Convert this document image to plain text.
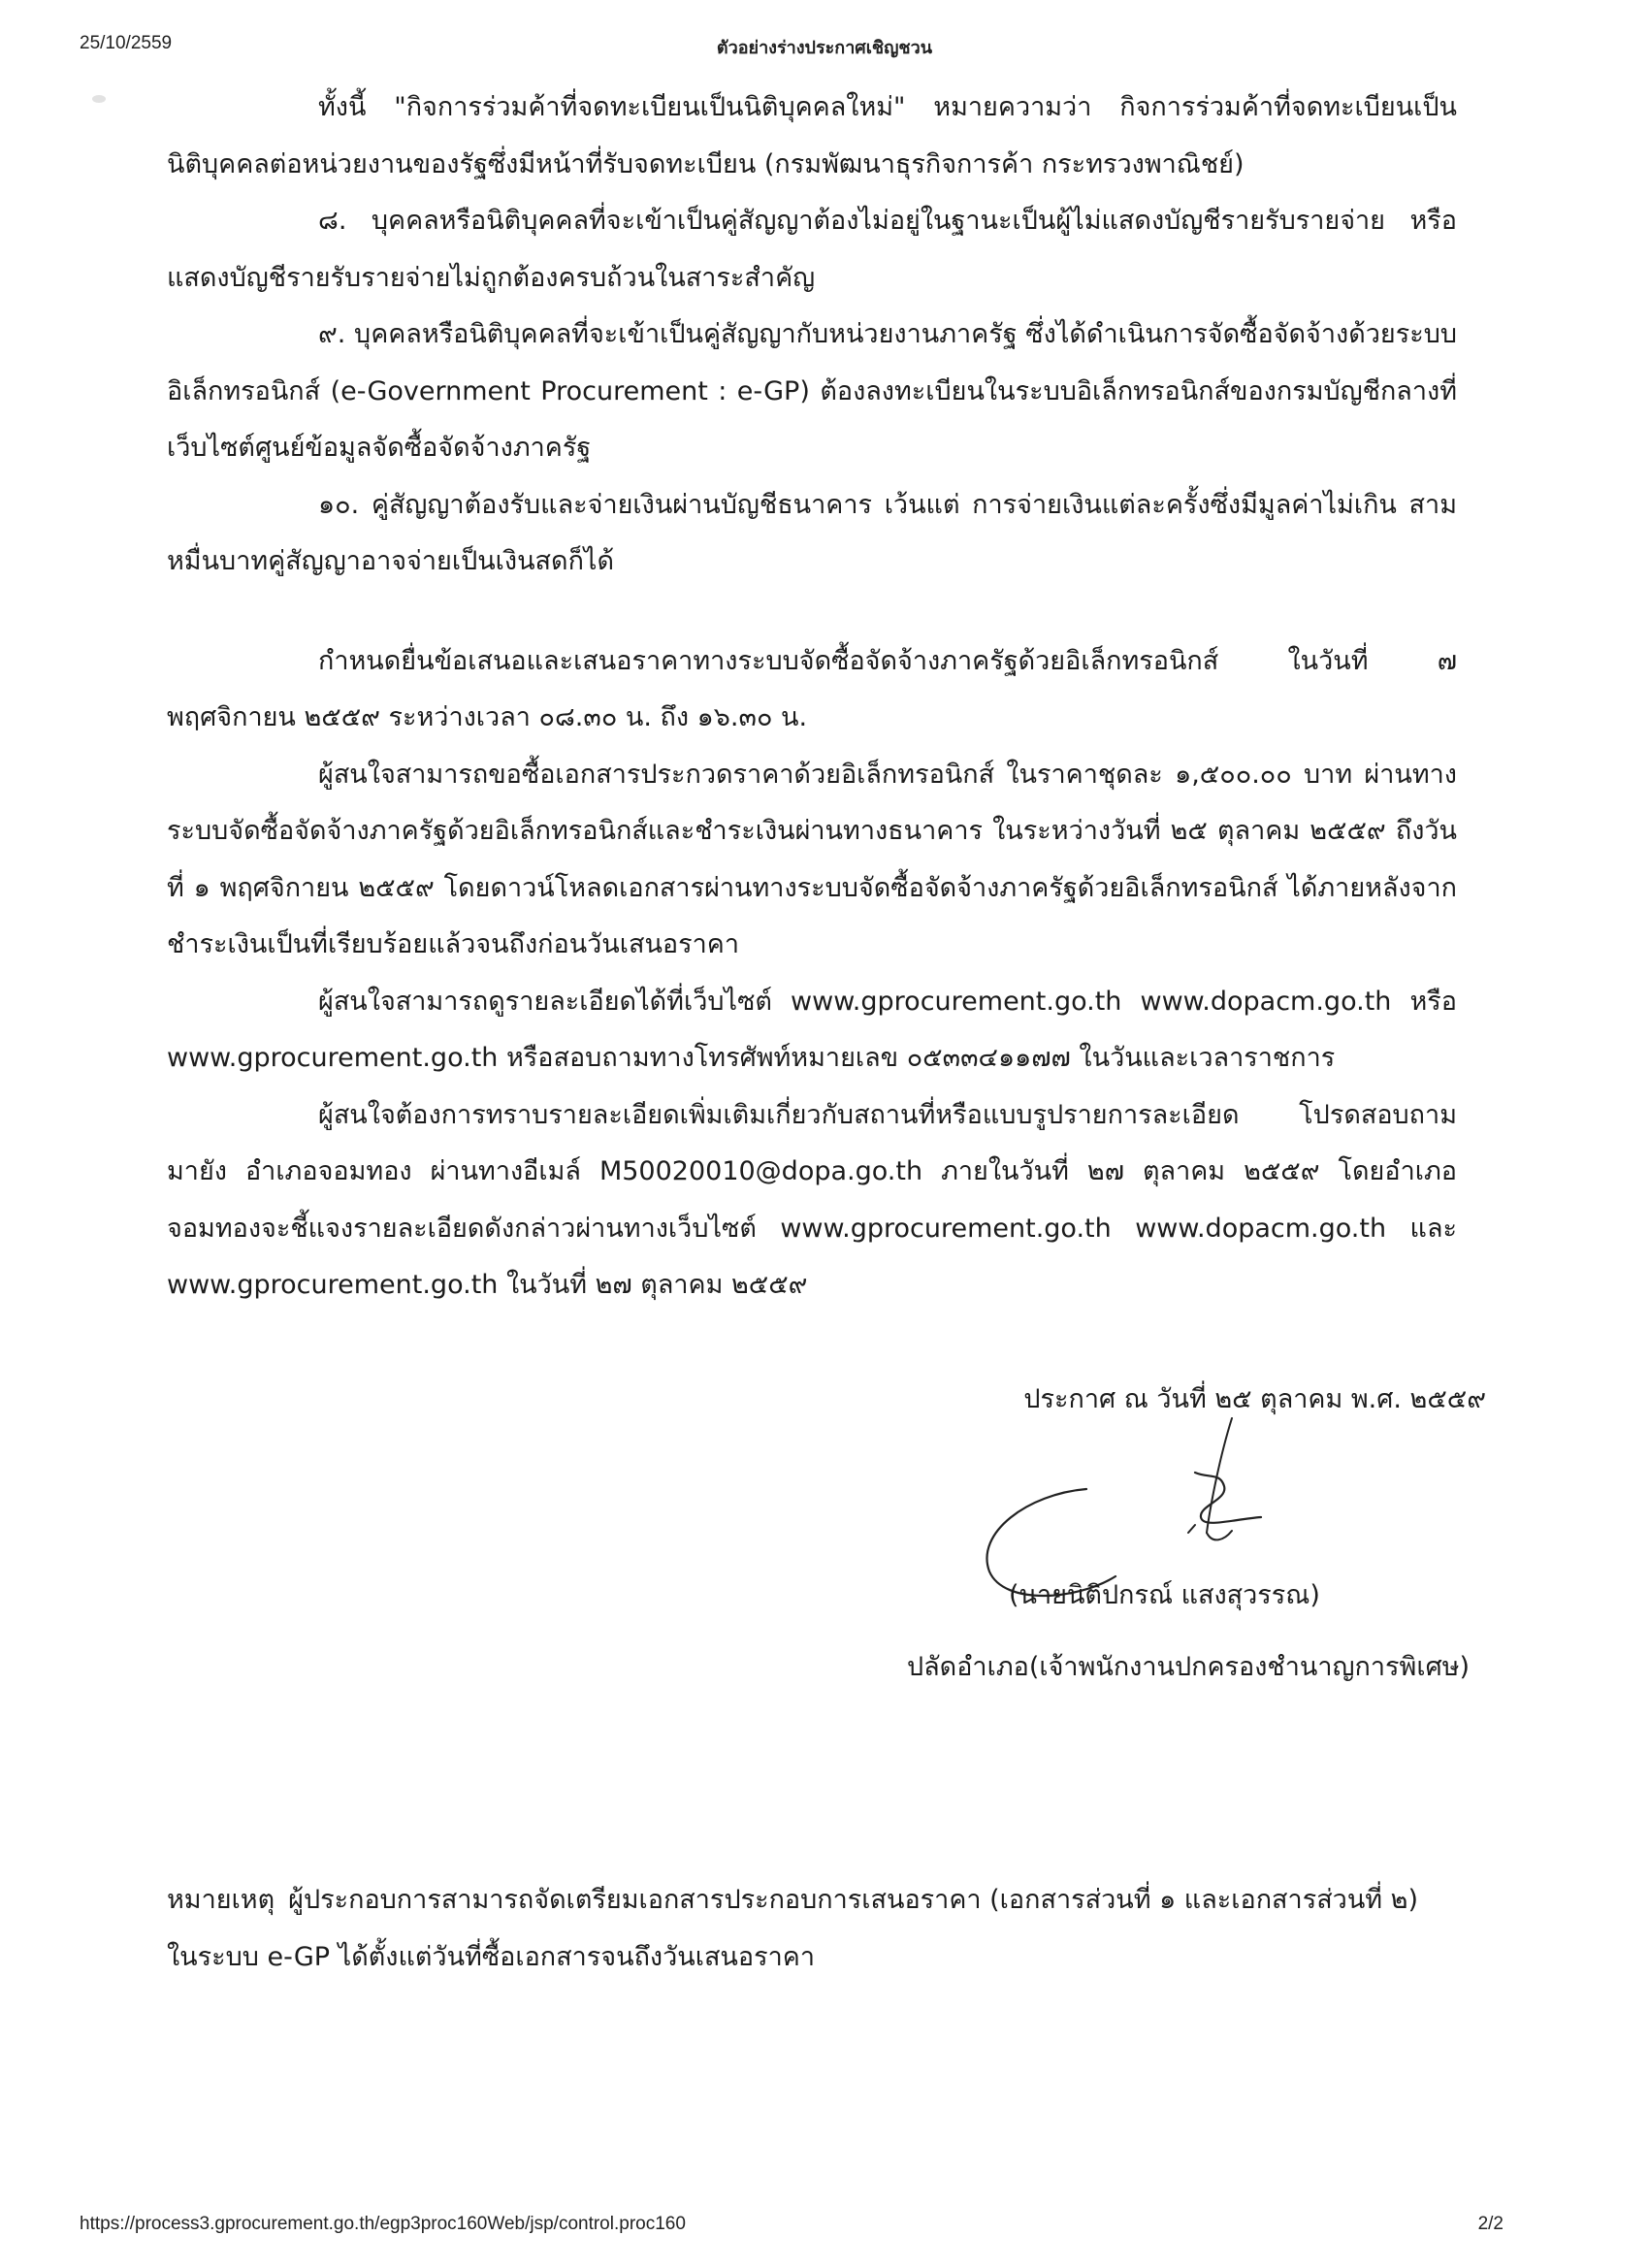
25/10/2559	ตัวอย่างร่างประกาศเชิญชวน

ทั้งนี้ "กิจการร่วมค้าที่จดทะเบียนเป็นนิติบุคคลใหม่" หมายความว่า กิจการร่วมค้าที่จดทะเบียนเป็นนิติบุคคลต่อหน่วยงานของรัฐซึ่งมีหน้าที่รับจดทะเบียน (กรมพัฒนาธุรกิจการค้า กระทรวงพาณิชย์)

๘. บุคคลหรือนิติบุคคลที่จะเข้าเป็นคู่สัญญาต้องไม่อยู่ในฐานะเป็นผู้ไม่แสดงบัญชีรายรับรายจ่าย หรือแสดงบัญชีรายรับรายจ่ายไม่ถูกต้องครบถ้วนในสาระสำคัญ

๙. บุคคลหรือนิติบุคคลที่จะเข้าเป็นคู่สัญญากับหน่วยงานภาครัฐ ซึ่งได้ดำเนินการจัดซื้อจัดจ้างด้วยระบบอิเล็กทรอนิกส์ (e-Government Procurement : e-GP) ต้องลงทะเบียนในระบบอิเล็กทรอนิกส์ของกรมบัญชีกลางที่เว็บไซต์ศูนย์ข้อมูลจัดซื้อจัดจ้างภาครัฐ

๑๐. คู่สัญญาต้องรับและจ่ายเงินผ่านบัญชีธนาคาร เว้นแต่ การจ่ายเงินแต่ละครั้งซึ่งมีมูลค่าไม่เกิน สามหมื่นบาทคู่สัญญาอาจจ่ายเป็นเงินสดก็ได้

กำหนดยื่นข้อเสนอและเสนอราคาทางระบบจัดซื้อจัดจ้างภาครัฐด้วยอิเล็กทรอนิกส์ ในวันที่ ๗ พฤศจิกายน ๒๕๕๙ ระหว่างเวลา ๐๘.๓๐ น. ถึง ๑๖.๓๐ น.

ผู้สนใจสามารถขอซื้อเอกสารประกวดราคาด้วยอิเล็กทรอนิกส์ ในราคาชุดละ ๑,๕๐๐.๐๐ บาท ผ่านทางระบบจัดซื้อจัดจ้างภาครัฐด้วยอิเล็กทรอนิกส์และชำระเงินผ่านทางธนาคาร ในระหว่างวันที่ ๒๕ ตุลาคม ๒๕๕๙ ถึงวันที่ ๑ พฤศจิกายน ๒๕๕๙ โดยดาวน์โหลดเอกสารผ่านทางระบบจัดซื้อจัดจ้างภาครัฐด้วยอิเล็กทรอนิกส์ ได้ภายหลังจากชำระเงินเป็นที่เรียบร้อยแล้วจนถึงก่อนวันเสนอราคา

ผู้สนใจสามารถดูรายละเอียดได้ที่เว็บไซต์ www.gprocurement.go.th www.dopacm.go.th หรือ www.gprocurement.go.th หรือสอบถามทางโทรศัพท์หมายเลข ๐๕๓๓๔๑๑๗๗ ในวันและเวลาราชการ

ผู้สนใจต้องการทราบรายละเอียดเพิ่มเติมเกี่ยวกับสถานที่หรือแบบรูปรายการละเอียด โปรดสอบถามมายัง อำเภอจอมทอง ผ่านทางอีเมล์ M50020010@dopa.go.th ภายในวันที่ ๒๗ ตุลาคม ๒๕๕๙ โดยอำเภอจอมทองจะชี้แจงรายละเอียดดังกล่าวผ่านทางเว็บไซต์ www.gprocurement.go.th www.dopacm.go.th และ www.gprocurement.go.th ในวันที่ ๒๗ ตุลาคม ๒๕๕๙

ประกาศ ณ วันที่ ๒๕ ตุลาคม พ.ศ. ๒๕๕๙
(นายนิติปกรณ์ แสงสุวรรณ)
ปลัดอำเภอ(เจ้าพนักงานปกครองชำนาญการพิเศษ)

หมายเหตุ ผู้ประกอบการสามารถจัดเตรียมเอกสารประกอบการเสนอราคา (เอกสารส่วนที่ ๑ และเอกสารส่วนที่ ๒) ในระบบ e-GP ได้ตั้งแต่วันที่ซื้อเอกสารจนถึงวันเสนอราคา

https://process3.gprocurement.go.th/egp3proc160Web/jsp/control.proc160	2/2
